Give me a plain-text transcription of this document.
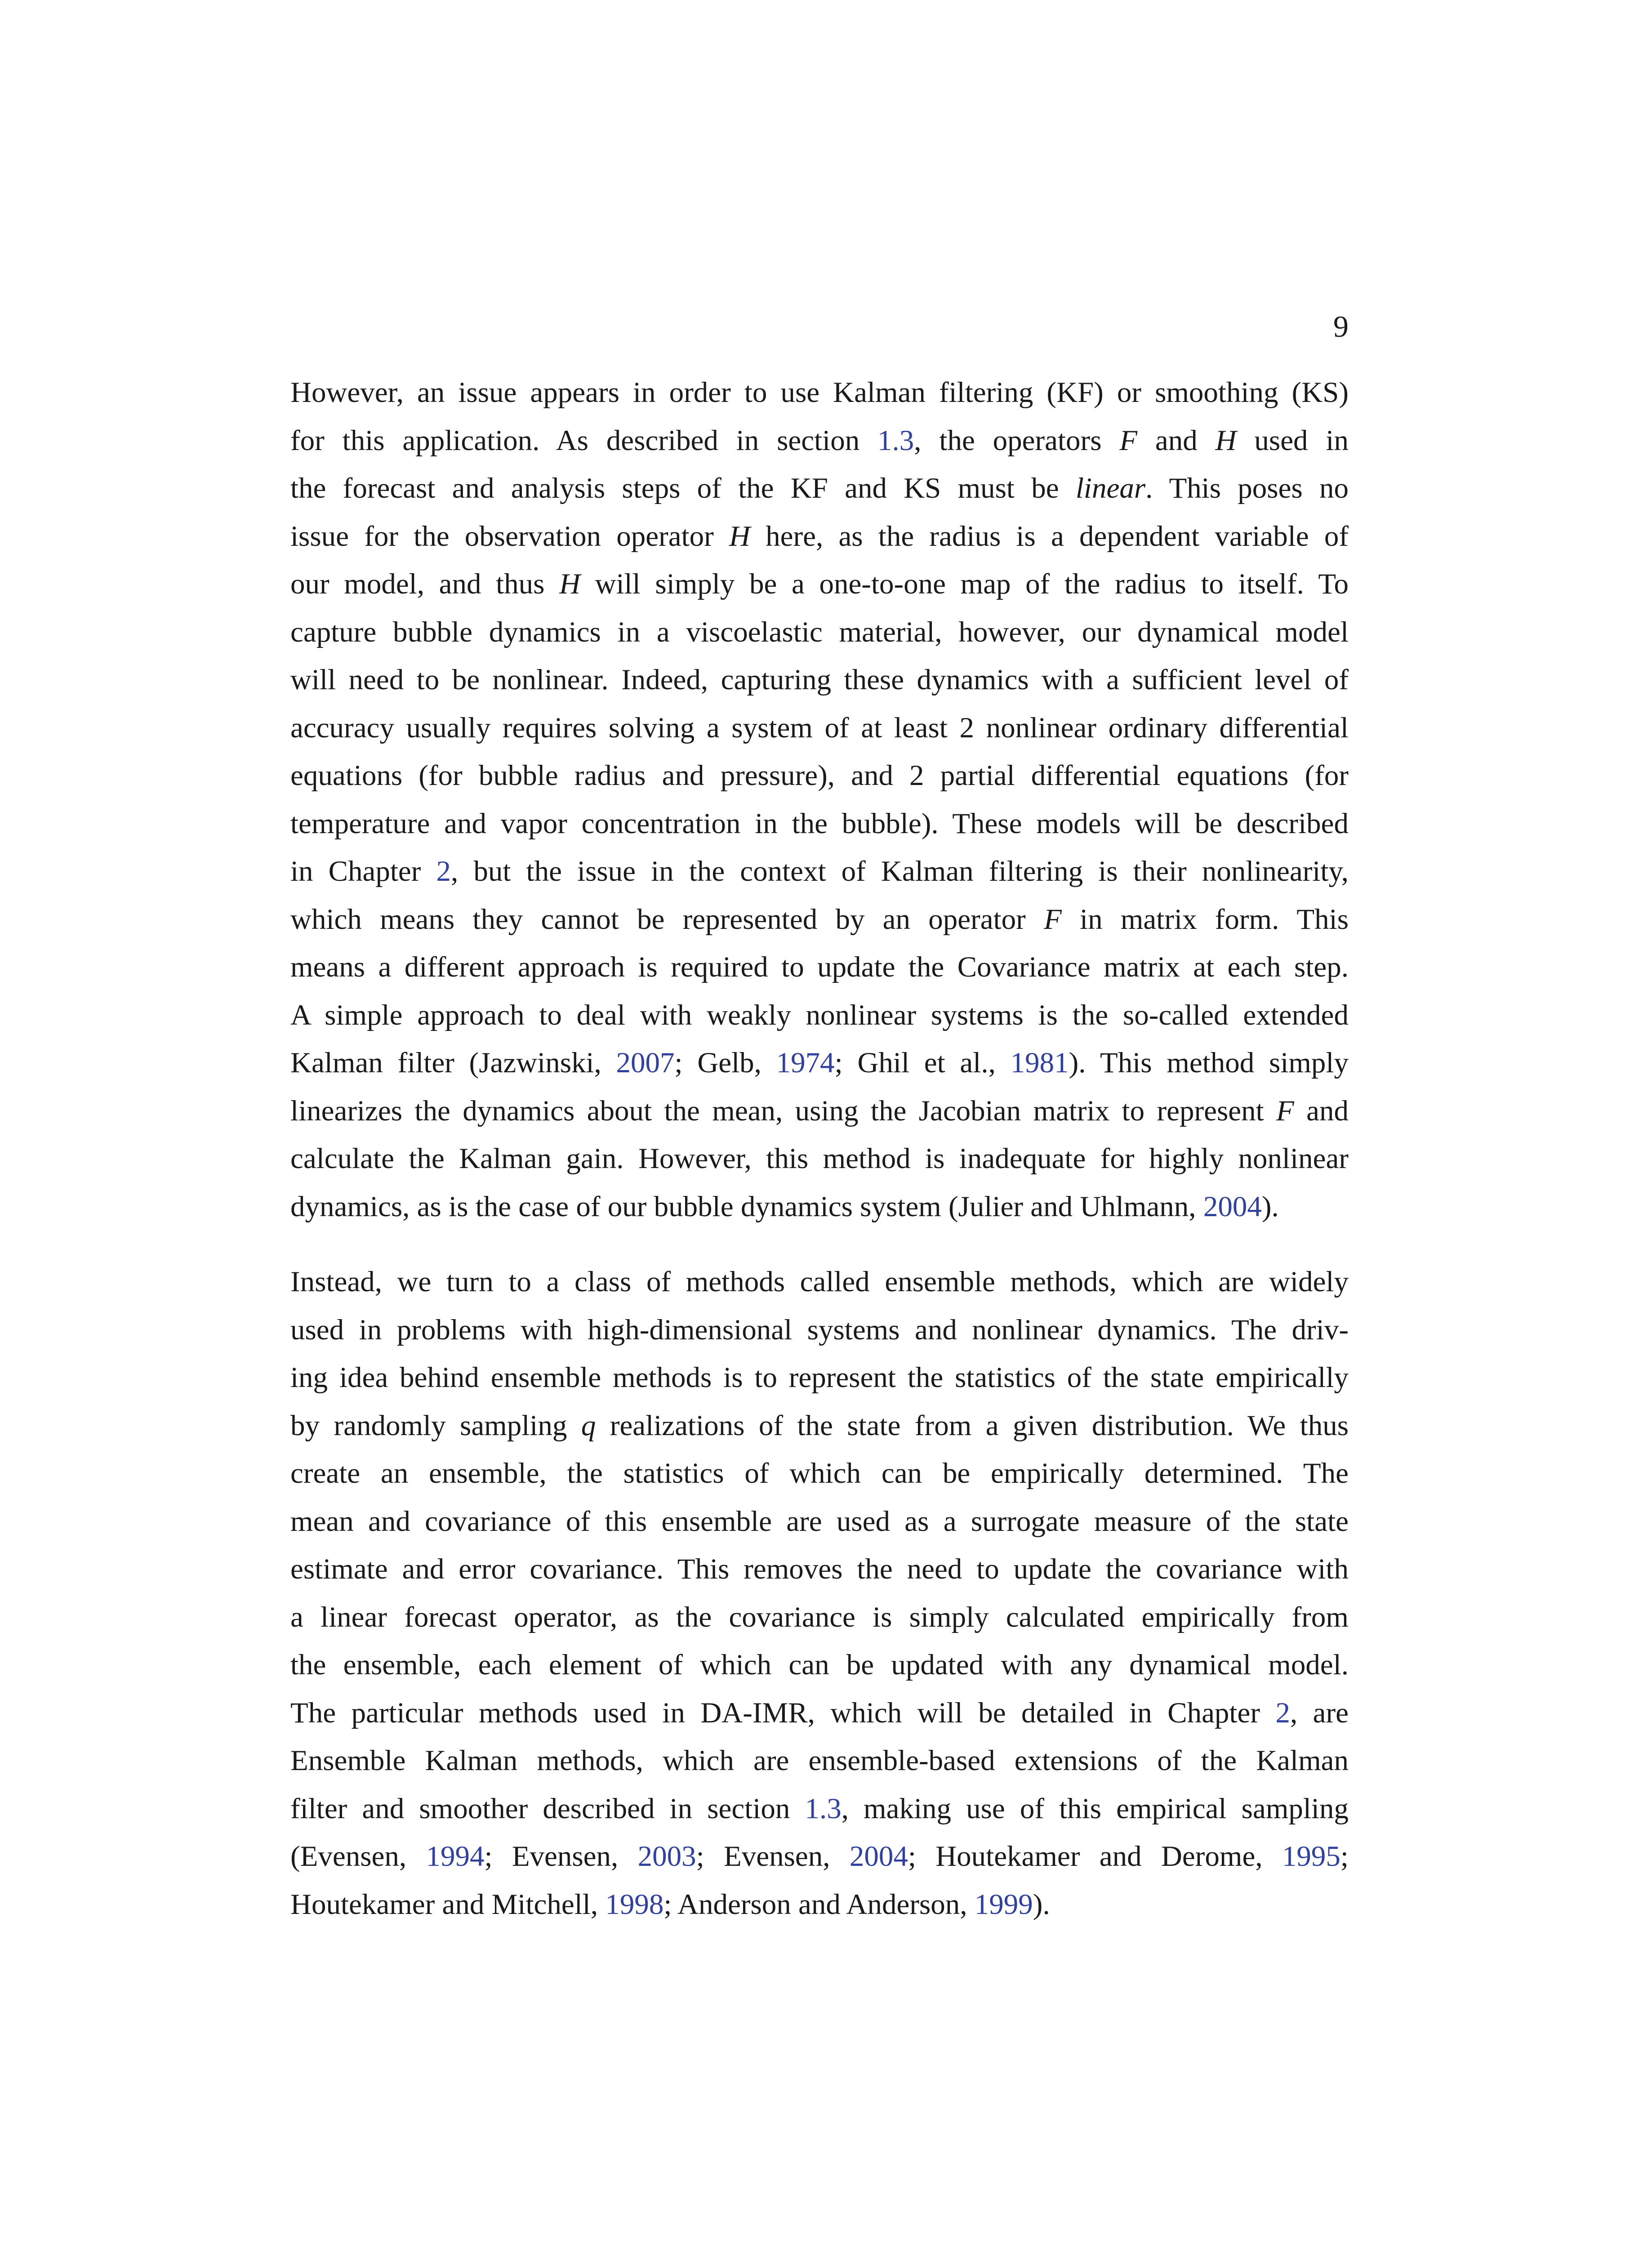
9
However, an issue appears in order to use Kalman filtering (KF) or smoothing (KS)
for this application. As described in section 1.3, the operators F and H used in
the forecast and analysis steps of the KF and KS must be linear. This poses no
issue for the observation operator H here, as the radius is a dependent variable of
our model, and thus H will simply be a one-to-one map of the radius to itself. To
capture bubble dynamics in a viscoelastic material, however, our dynamical model
will need to be nonlinear. Indeed, capturing these dynamics with a sufficient level of
accuracy usually requires solving a system of at least 2 nonlinear ordinary differential
equations (for bubble radius and pressure), and 2 partial differential equations (for
temperature and vapor concentration in the bubble). These models will be described
in Chapter 2, but the issue in the context of Kalman filtering is their nonlinearity,
which means they cannot be represented by an operator F in matrix form. This
means a different approach is required to update the Covariance matrix at each step.
A simple approach to deal with weakly nonlinear systems is the so-called extended
Kalman filter (Jazwinski, 2007; Gelb, 1974; Ghil et al., 1981). This method simply
linearizes the dynamics about the mean, using the Jacobian matrix to represent F and
calculate the Kalman gain. However, this method is inadequate for highly nonlinear
dynamics, as is the case of our bubble dynamics system (Julier and Uhlmann, 2004).
Instead, we turn to a class of methods called ensemble methods, which are widely
used in problems with high-dimensional systems and nonlinear dynamics. The driv-
ing idea behind ensemble methods is to represent the statistics of the state empirically
by randomly sampling q realizations of the state from a given distribution. We thus
create an ensemble, the statistics of which can be empirically determined. The
mean and covariance of this ensemble are used as a surrogate measure of the state
estimate and error covariance. This removes the need to update the covariance with
a linear forecast operator, as the covariance is simply calculated empirically from
the ensemble, each element of which can be updated with any dynamical model.
The particular methods used in DA-IMR, which will be detailed in Chapter 2, are
Ensemble Kalman methods, which are ensemble-based extensions of the Kalman
filter and smoother described in section 1.3, making use of this empirical sampling
(Evensen, 1994; Evensen, 2003; Evensen, 2004; Houtekamer and Derome, 1995;
Houtekamer and Mitchell, 1998; Anderson and Anderson, 1999).
